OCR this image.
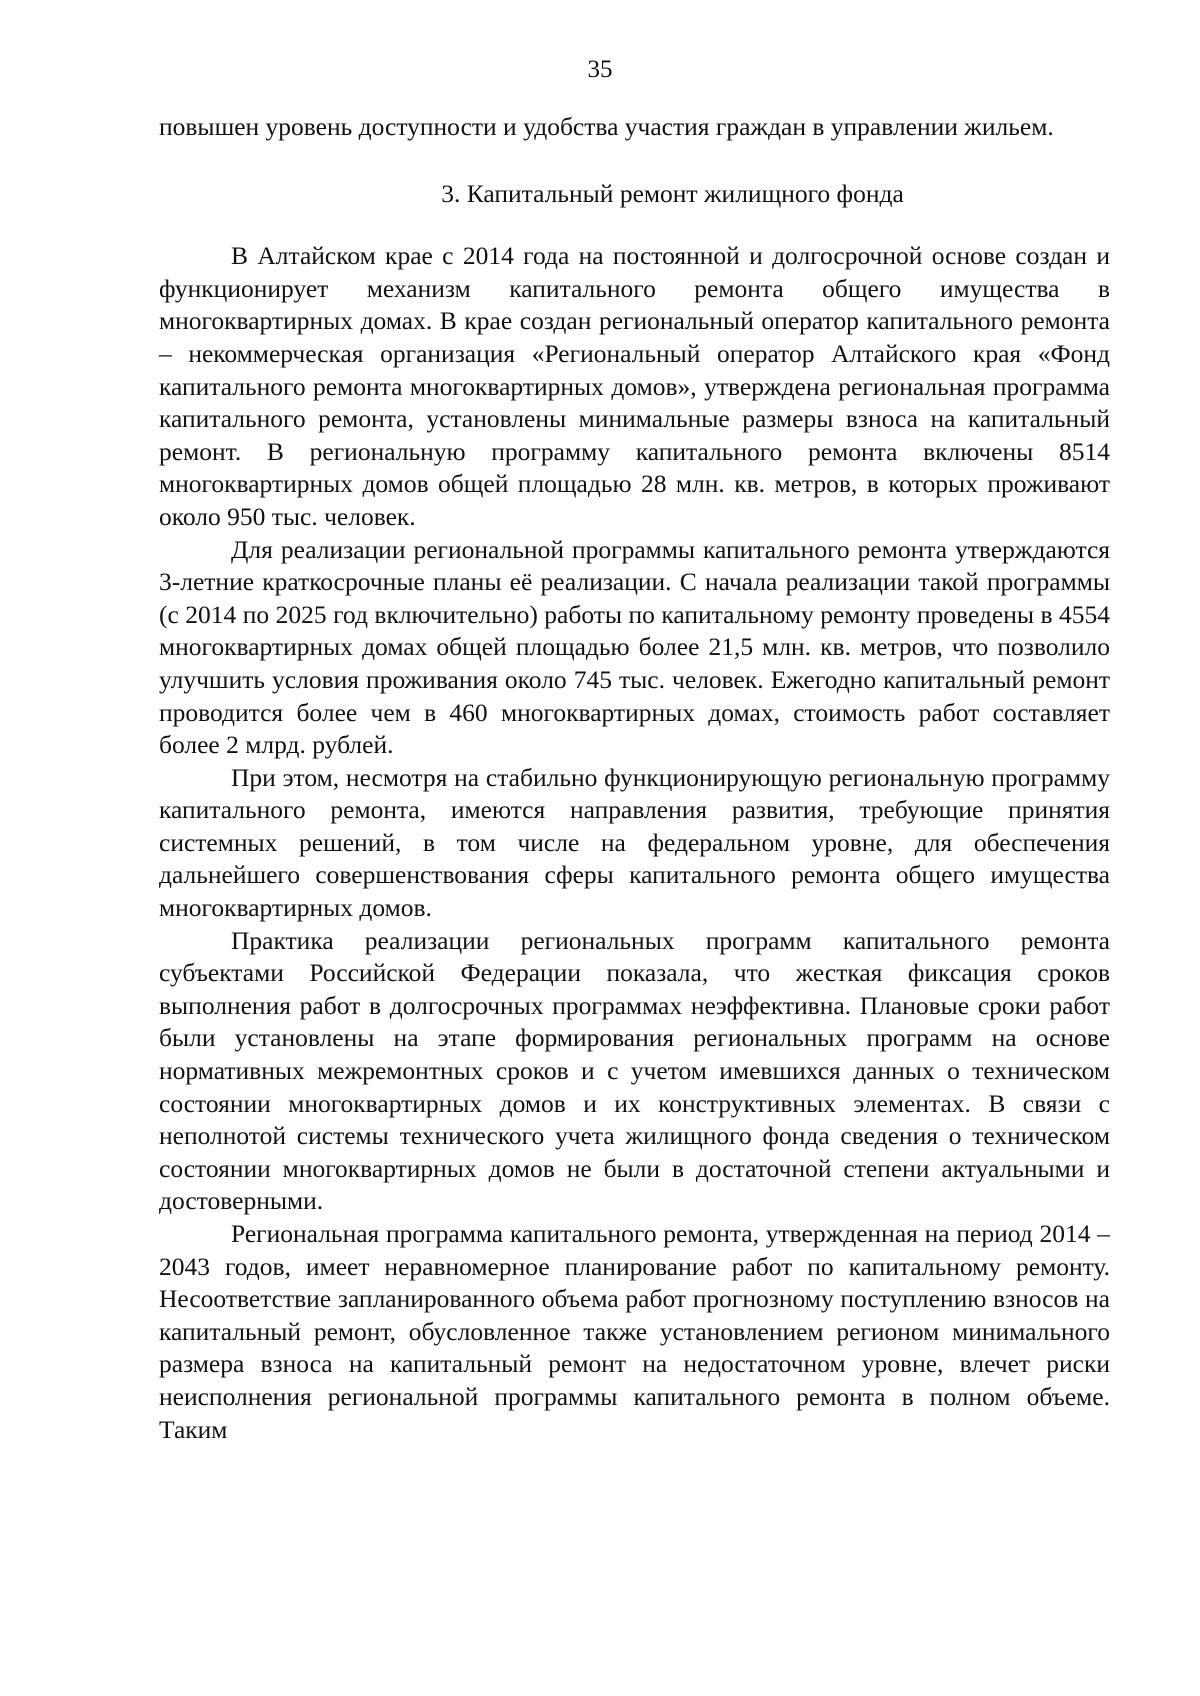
35

повышен уровень доступности и удобства участия граждан в управлении жильем.

3. Капитальный ремонт жилищного фонда

В Алтайском крае с 2014 года на постоянной и долгосрочной основе создан и функционирует механизм капитального ремонта общего имущества в многоквартирных домах. В крае создан региональный оператор капитального ремонта – некоммерческая организация «Региональный оператор Алтайского края «Фонд капитального ремонта многоквартирных домов», утверждена региональная программа капитального ремонта, установлены минимальные размеры взноса на капитальный ремонт. В региональную программу капитального ремонта включены 8514 многоквартирных домов общей площадью 28 млн. кв. метров, в которых проживают около 950 тыс. человек.

Для реализации региональной программы капитального ремонта утверждаются 3-летние краткосрочные планы её реализации. С начала реализации такой программы (с 2014 по 2025 год включительно) работы по капитальному ремонту проведены в 4554 многоквартирных домах общей площадью более 21,5 млн. кв. метров, что позволило улучшить условия проживания около 745 тыс. человек. Ежегодно капитальный ремонт проводится более чем в 460 многоквартирных домах, стоимость работ составляет более 2 млрд. рублей.

При этом, несмотря на стабильно функционирующую региональную программу капитального ремонта, имеются направления развития, требующие принятия системных решений, в том числе на федеральном уровне, для обеспечения дальнейшего совершенствования сферы капитального ремонта общего имущества многоквартирных домов.

Практика реализации региональных программ капитального ремонта субъектами Российской Федерации показала, что жесткая фиксация сроков выполнения работ в долгосрочных программах неэффективна. Плановые сроки работ были установлены на этапе формирования региональных программ на основе нормативных межремонтных сроков и с учетом имевшихся данных о техническом состоянии многоквартирных домов и их конструктивных элементах. В связи с неполнотой системы технического учета жилищного фонда сведения о техническом состоянии многоквартирных домов не были в достаточной степени актуальными и достоверными.

Региональная программа капитального ремонта, утвержденная на период 2014 – 2043 годов, имеет неравномерное планирование работ по капитальному ремонту. Несоответствие запланированного объема работ прогнозному поступлению взносов на капитальный ремонт, обусловленное также установлением регионом минимального размера взноса на капитальный ремонт на недостаточном уровне, влечет риски неисполнения региональной программы капитального ремонта в полном объеме. Таким
